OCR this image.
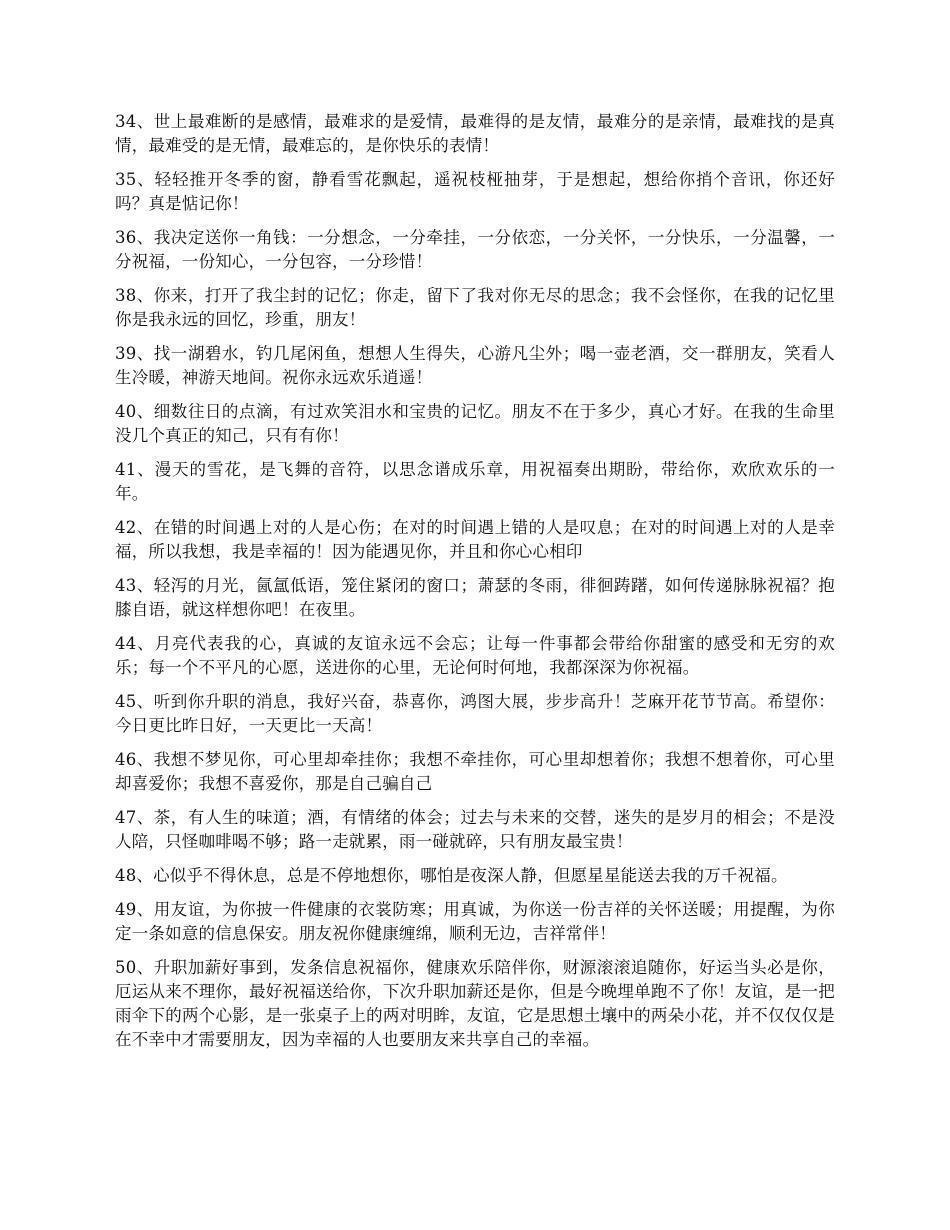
34、世上最难断的是感情，最难求的是爱情，最难得的是友情，最难分的是亲情，最难找的是真情，最难受的是无情，最难忘的，是你快乐的表情！

35、轻轻推开冬季的窗，静看雪花飘起，遥祝枝桠抽芽，于是想起，想给你捎个音讯，你还好吗？真是惦记你！

36、我决定送你一角钱：一分想念，一分牵挂，一分依恋，一分关怀，一分快乐，一分温馨，一分祝福，一份知心，一分包容，一分珍惜！

38、你来，打开了我尘封的记忆；你走，留下了我对你无尽的思念；我不会怪你，在我的记忆里你是我永远的回忆，珍重，朋友！

39、找一湖碧水，钓几尾闲鱼，想想人生得失，心游凡尘外；喝一壶老酒，交一群朋友，笑看人生冷暖，神游天地间。祝你永远欢乐逍遥！

40、细数往日的点滴，有过欢笑泪水和宝贵的记忆。朋友不在于多少，真心才好。在我的生命里没几个真正的知己，只有有你！

41、漫天的雪花，是飞舞的音符，以思念谱成乐章，用祝福奏出期盼，带给你，欢欣欢乐的一年。

42、在错的时间遇上对的人是心伤；在对的时间遇上错的人是叹息；在对的时间遇上对的人是幸福，所以我想，我是幸福的！因为能遇见你，并且和你心心相印

43、轻泻的月光，氤氲低语，笼住紧闭的窗口；萧瑟的冬雨，徘徊踌躇，如何传递脉脉祝福？抱膝自语，就这样想你吧！在夜里。

44、月亮代表我的心，真诚的友谊永远不会忘；让每一件事都会带给你甜蜜的感受和无穷的欢乐；每一个不平凡的心愿，送进你的心里，无论何时何地，我都深深为你祝福。

45、听到你升职的消息，我好兴奋，恭喜你，鸿图大展，步步高升！芝麻开花节节高。希望你：今日更比昨日好，一天更比一天高！

46、我想不梦见你，可心里却牵挂你；我想不牵挂你，可心里却想着你；我想不想着你，可心里却喜爱你；我想不喜爱你，那是自己骗自己

47、茶，有人生的味道；酒，有情绪的体会；过去与未来的交替，迷失的是岁月的相会；不是没人陪，只怪咖啡喝不够；路一走就累，雨一碰就碎，只有朋友最宝贵！

48、心似乎不得休息，总是不停地想你，哪怕是夜深人静，但愿星星能送去我的万千祝福。

49、用友谊，为你披一件健康的衣裳防寒；用真诚，为你送一份吉祥的关怀送暖；用提醒，为你定一条如意的信息保安。朋友祝你健康缠绵，顺利无边，吉祥常伴！

50、升职加薪好事到，发条信息祝福你，健康欢乐陪伴你，财源滚滚追随你，好运当头必是你，厄运从来不理你，最好祝福送给你，下次升职加薪还是你，但是今晚埋单跑不了你！友谊，是一把雨伞下的两个心影，是一张桌子上的两对明眸，友谊，它是思想土壤中的两朵小花，并不仅仅仅是在不幸中才需要朋友，因为幸福的人也要朋友来共享自己的幸福。
